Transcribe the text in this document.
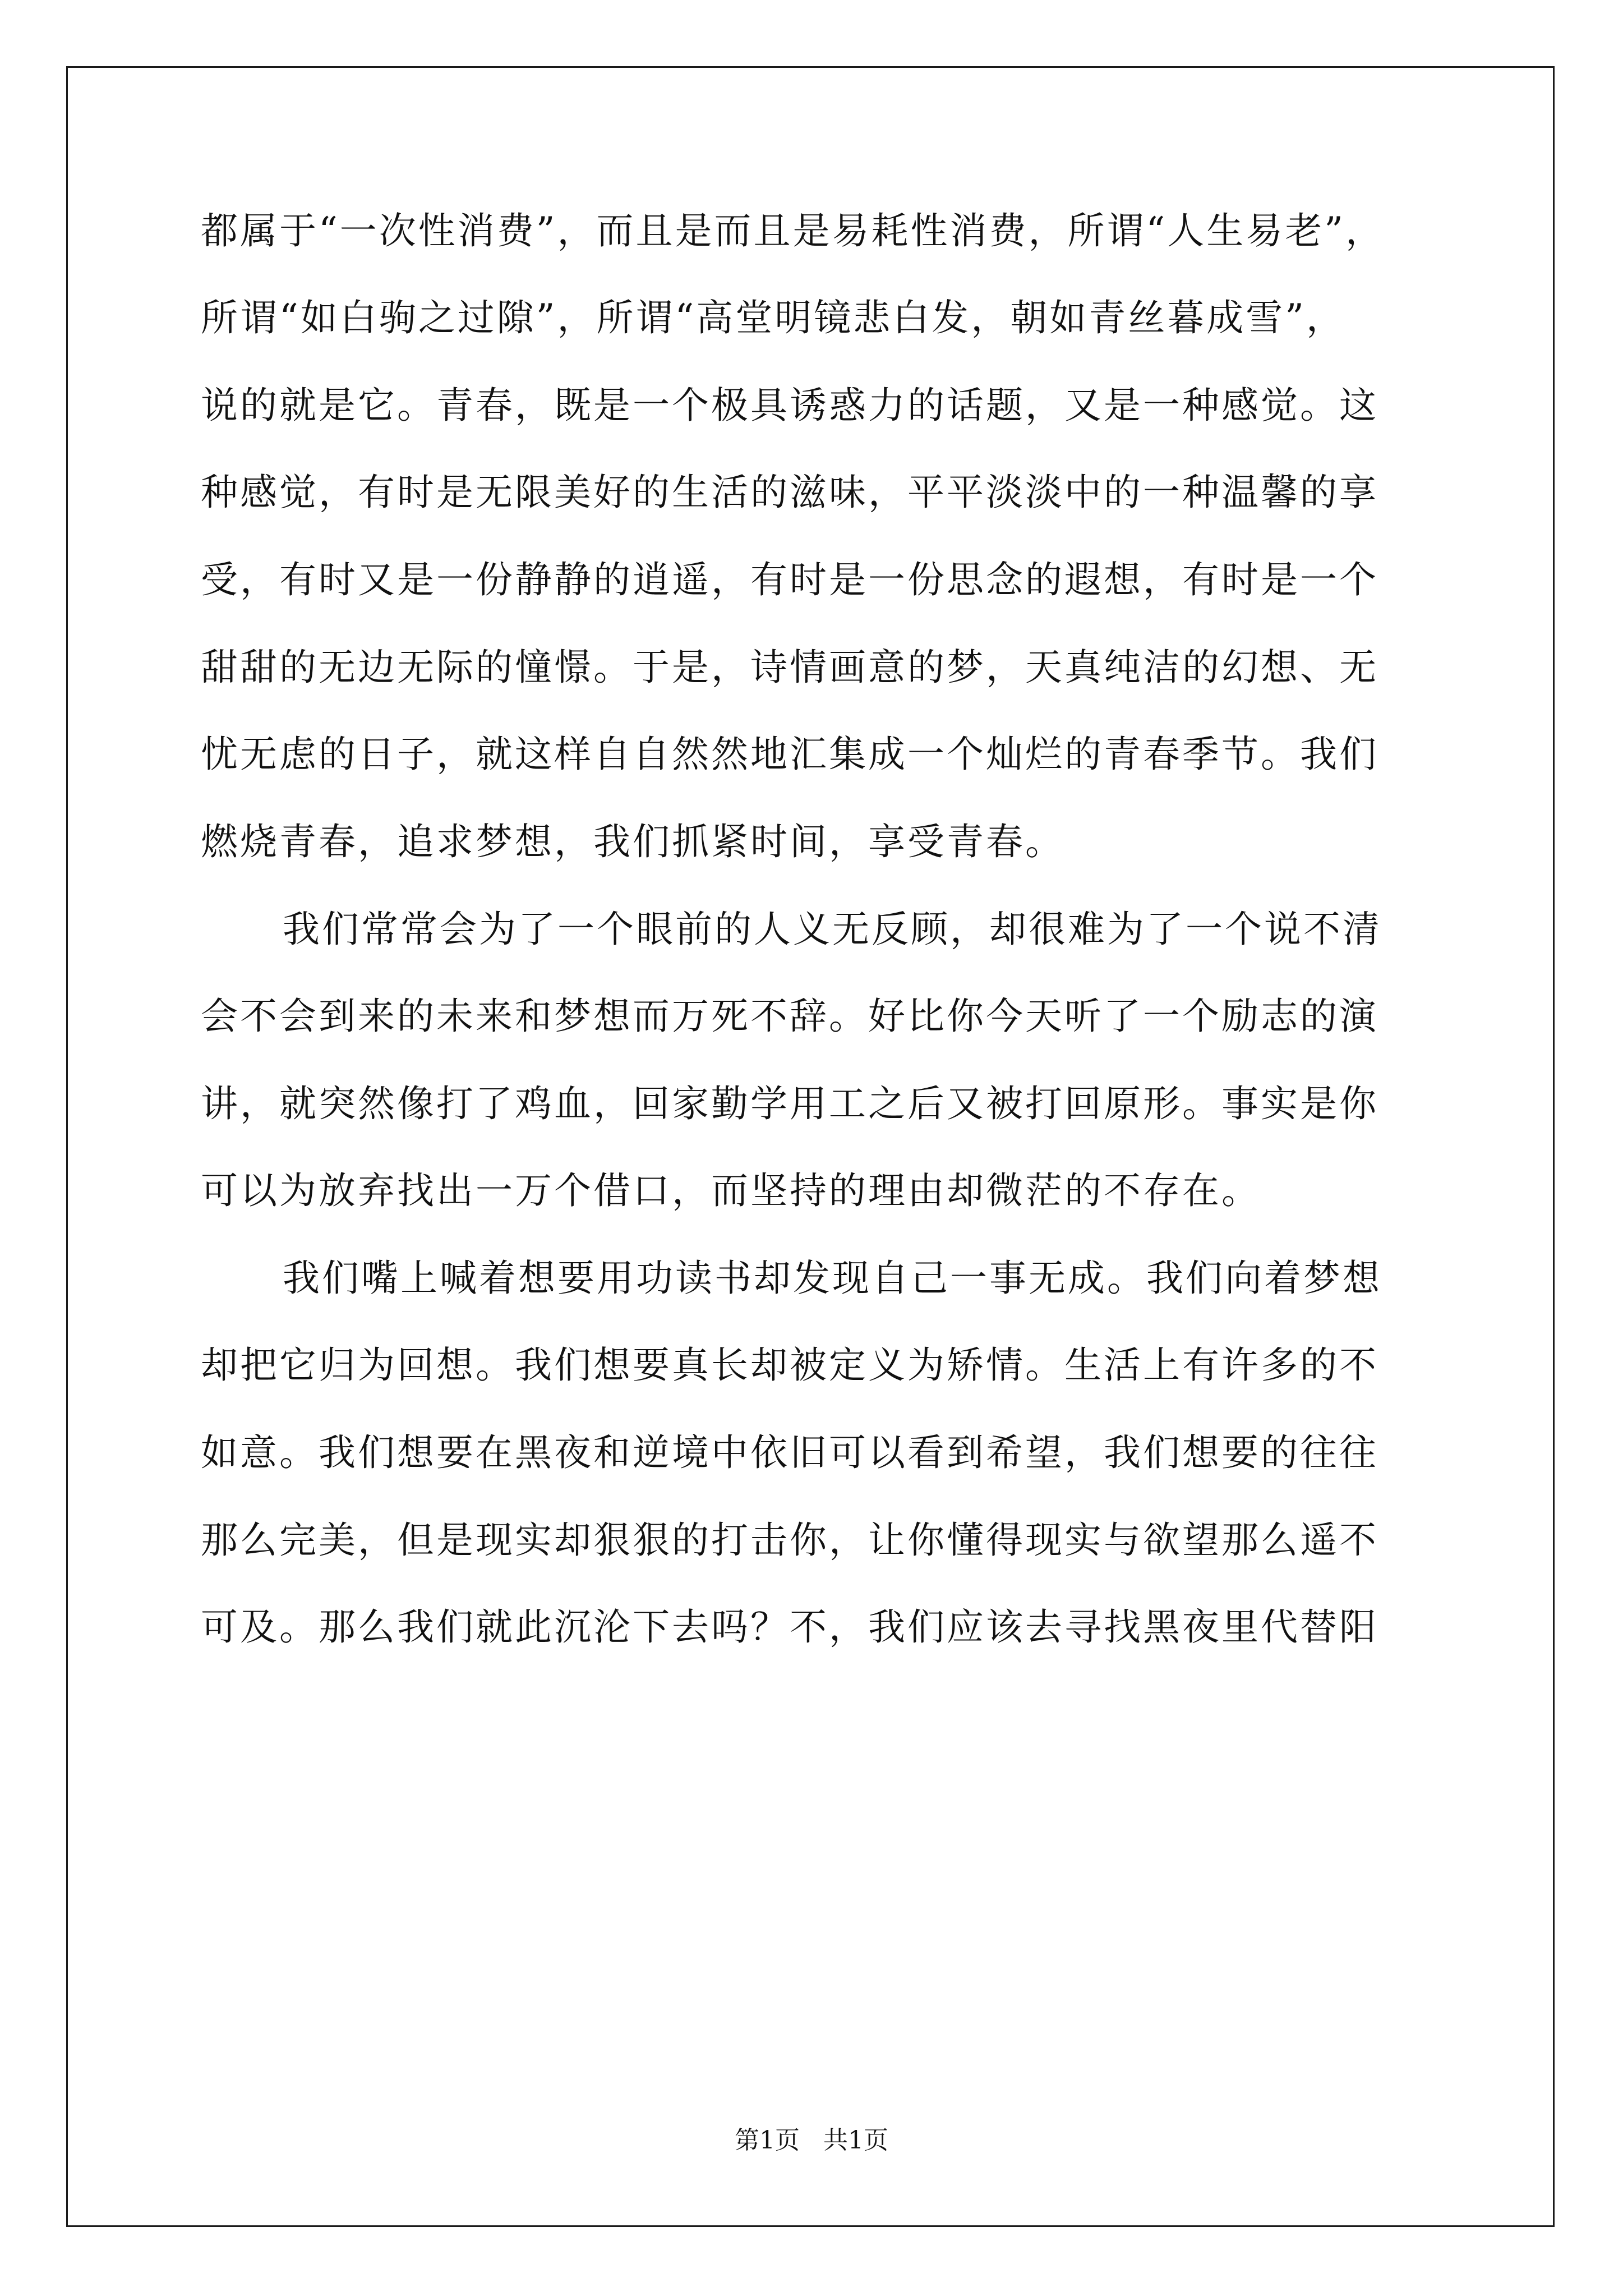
都属于“一次性消费”，而且是而且是易耗性消费，所谓“人生易老”，

所谓“如白驹之过隙”，所谓“高堂明镜悲白发，朝如青丝暮成雪”，

说的就是它。青春，既是一个极具诱惑力的话题，又是一种感觉。这

种感觉，有时是无限美好的生活的滋味，平平淡淡中的一种温馨的享

受，有时又是一份静静的逍遥，有时是一份思念的遐想，有时是一个

甜甜的无边无际的憧憬。于是，诗情画意的梦，天真纯洁的幻想、无

忧无虑的日子，就这样自自然然地汇集成一个灿烂的青春季节。我们

燃烧青春，追求梦想，我们抓紧时间，享受青春。

我们常常会为了一个眼前的人义无反顾，却很难为了一个说不清

会不会到来的未来和梦想而万死不辞。好比你今天听了一个励志的演

讲，就突然像打了鸡血，回家勤学用工之后又被打回原形。事实是你

可以为放弃找出一万个借口，而坚持的理由却微茫的不存在。

我们嘴上喊着想要用功读书却发现自己一事无成。我们向着梦想

却把它归为回想。我们想要真长却被定义为矫情。生活上有许多的不

如意。我们想要在黑夜和逆境中依旧可以看到希望，我们想要的往往

那么完美，但是现实却狠狠的打击你，让你懂得现实与欲望那么遥不

可及。那么我们就此沉沦下去吗？不，我们应该去寻找黑夜里代替阳

第1页   共1页
